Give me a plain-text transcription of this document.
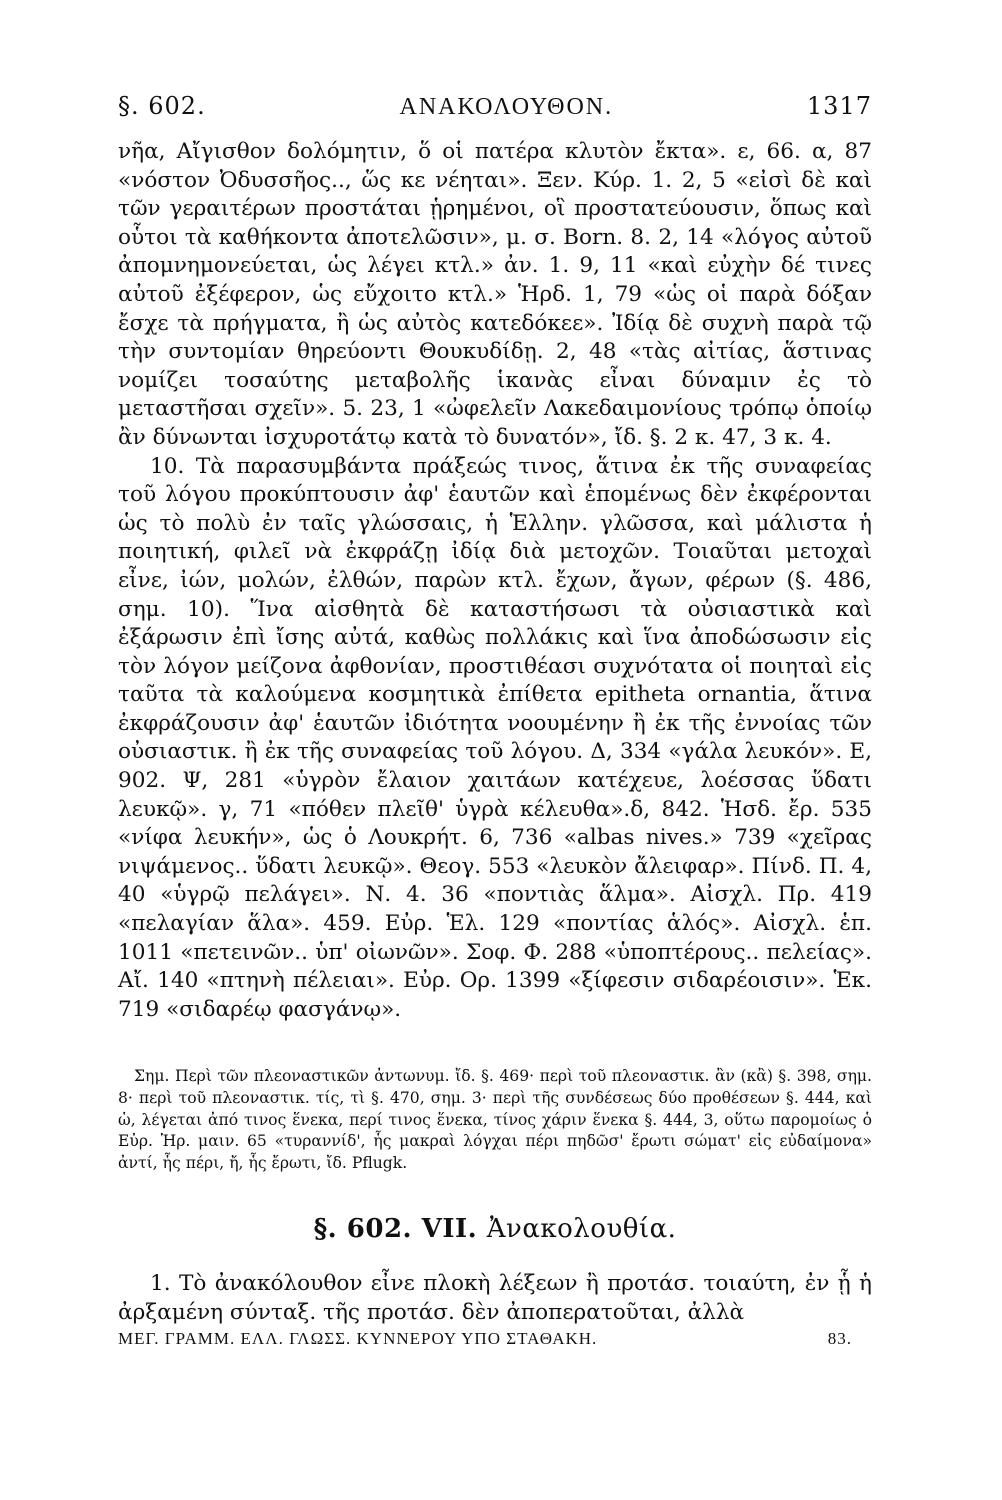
§. 602.	ΑΝΑΚΟΛΟΥΘΟΝ.	1317

νῆα, Αἴγισθον δολόμητιν, ὅ οἱ πατέρα κλυτὸν ἔκτα». ε, 66. α, 87 «νόστον Ὀδυσσῆος.., ὥς κε νέηται». Ξεν. Κύρ. 1. 2, 5 «εἰσὶ δὲ καὶ τῶν γεραιτέρων προστάται ᾑρημένοι, οἳ προστατεύουσιν, ὅπως καὶ οὗτοι τὰ καθήκοντα ἀποτελῶσιν», μ. σ. Born. 8. 2, 14 «λόγος αὐτοῦ ἀπομνημονεύεται, ὡς λέγει κτλ.» ἀν. 1. 9, 11 «καὶ εὐχὴν δέ τινες αὐτοῦ ἐξέφερον, ὡς εὔχοιτο κτλ.» Ἡρδ. 1, 79 «ὡς οἱ παρὰ δόξαν ἔσχε τὰ πρήγματα, ἢ ὡς αὐτὸς κατεδόκεε». Ἰδίᾳ δὲ συχνὴ παρὰ τῷ τὴν συντομίαν θηρεύοντι Θουκυδίδῃ. 2, 48 «τὰς αἰτίας, ἅστινας νομίζει τοσαύτης μεταβολῆς ἱκανὰς εἶναι δύναμιν ἐς τὸ μεταστῆσαι σχεῖν». 5. 23, 1 «ὠφελεῖν Λακεδαιμονίους τρόπῳ ὁποίῳ ἂν δύνωνται ἰσχυροτάτῳ κατὰ τὸ δυνατόν», ἴδ. §. 2 κ. 47, 3 κ. 4.

10. Τὰ παρασυμβάντα πράξεώς τινος, ἅτινα ἐκ τῆς συναφείας τοῦ λόγου προκύπτουσιν ἀφ' ἑαυτῶν καὶ ἑπομένως δὲν ἐκφέρονται ὡς τὸ πολὺ ἐν ταῖς γλώσσαις, ἡ Ἑλλην. γλῶσσα, καὶ μάλιστα ἡ ποιητική, φιλεῖ νὰ ἐκφράζῃ ἰδίᾳ διὰ μετοχῶν. Τοιαῦται μετοχαὶ εἶνε, ἰών, μολών, ἐλθών, παρὼν κτλ. ἔχων, ἄγων, φέρων (§. 486, σημ. 10). Ἵνα αἰσθητὰ δὲ καταστήσωσι τὰ οὐσιαστικὰ καὶ ἐξάρωσιν ἐπὶ ἴσης αὐτά, καθὼς πολλάκις καὶ ἵνα ἀποδώσωσιν εἰς τὸν λόγον μείζονα ἀφθονίαν, προστιθέασι συχνότατα οἱ ποιηταὶ εἰς ταῦτα τὰ καλούμενα κοσμητικὰ ἐπίθετα epitheta ornantia, ἅτινα ἐκφράζουσιν ἀφ' ἑαυτῶν ἰδιότητα νοουμένην ἢ ἐκ τῆς ἐννοίας τῶν οὐσιαστικ. ἢ ἐκ τῆς συναφείας τοῦ λόγου. Δ, 334 «γάλα λευκόν». Ε, 902. Ψ, 281 «ὑγρὸν ἔλαιον χαιτάων κατέχευε, λοέσσας ὕδατι λευκῷ». γ, 71 «πόθεν πλεῖθ' ὑγρὰ κέλευθα».δ, 842. Ἡσδ. ἔρ. 535 «νίφα λευκήν», ὡς ὁ Λουκρήτ. 6, 736 «albas nives.» 739 «χεῖρας νιψάμενος.. ὕδατι λευκῷ». Θεογ. 553 «λευκὸν ἄλειφαρ». Πίνδ. Π. 4, 40 «ὑγρῷ πελάγει». Ν. 4. 36 «ποντιὰς ἅλμα». Αἰσχλ. Πρ. 419 «πελαγίαν ἅλα». 459. Εὐρ. Ἑλ. 129 «ποντίας ἁλός». Αἰσχλ. ἑπ. 1011 «πετεινῶν.. ὑπ' οἰωνῶν». Σοφ. Φ. 288 «ὑποπτέρους.. πελείας». Αἴ. 140 «πτηνὴ πέλειαι». Εὐρ. Ορ. 1399 «ξίφεσιν σιδαρέοισιν». Ἑκ. 719 «σιδαρέῳ φασγάνῳ».

Σημ. Περὶ τῶν πλεοναστικῶν ἀντωνυμ. ἴδ. §. 469· περὶ τοῦ πλεοναστικ. ἂν (κἂ) §. 398, σημ. 8· περὶ τοῦ πλεοναστικ. τίς, τὶ §. 470, σημ. 3· περὶ τῆς συνδέσεως δύο προθέσεων §. 444, καὶ ὡ, λέγεται ἀπό τινος ἕνεκα, περί τινος ἕνεκα, τίνος χάριν ἕνεκα §. 444, 3, οὕτω παρομοίως ὁ Εὐρ. Ἡρ. μαιν. 65 «τυραννίδ', ἧς μακραὶ λόγχαι πέρι πηδῶσ' ἔρωτι σώματ' εἰς εὐδαίμονα» ἀντί, ἧς πέρι, ἤ, ἧς ἔρωτι, ἴδ. Pflugk.

§. 602. VII. Ἀνακολουθία.

1. Τὸ ἀνακόλουθον εἶνε πλοκὴ λέξεων ἢ προτάσ. τοιαύτη, ἐν ᾗ ἡ ἀρξαμένη σύνταξ. τῆς προτάσ. δὲν ἀποπερατοῦται, ἀλλὰ

ΜΕΓ. ΓΡΑΜΜ. ΕΛΛ. ΓΛΩΣΣ. ΚΥΝΝΕΡΟΥ ΥΠΟ ΣΤΑΘΑΚΗ.	83.
